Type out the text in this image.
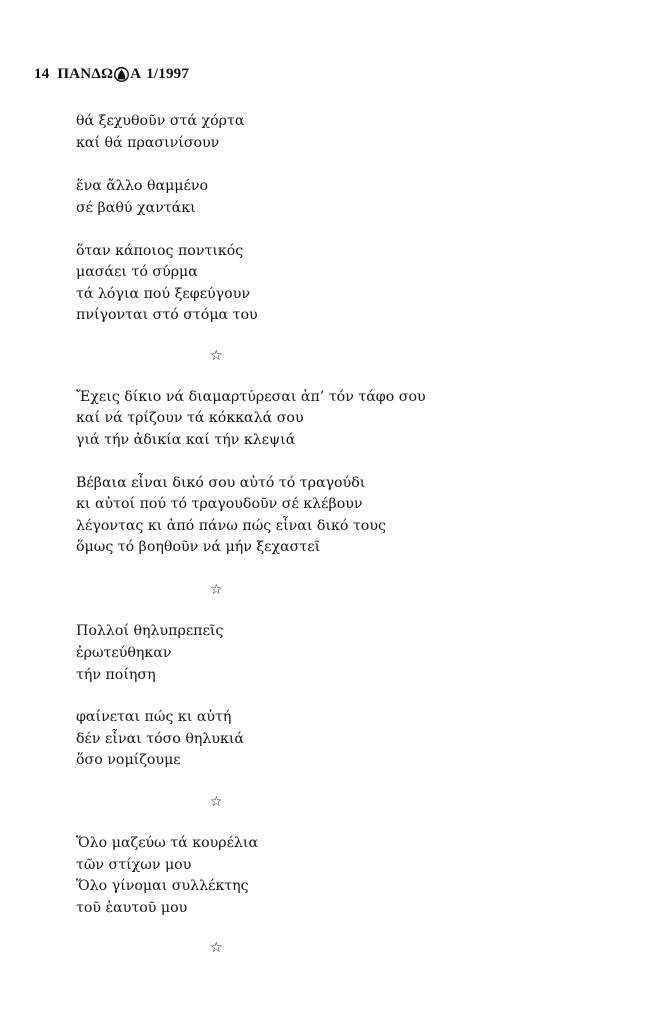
14 ΠΑΝΔΩ Α 1/1997
θά ξεχυθοῦν στά χόρτα
καί θά πρασινίσουν
ἕνα ἄλλο θαμμένο
σέ βαθύ χαντάκι
ὅταν κάποιος ποντικός
μασάει τό σύρμα
τά λόγια πού ξεφεύγουν
πνίγονται στό στόμα του
☆
Ἔχεις δίκιο νά διαμαρτύρεσαι ἀπ’ τόν τάφο σου
καί νά τρίζουν τά κόκκαλά σου
γιά τήν ἀδικία καί τήν κλεψιά
Βέβαια εἶναι δικό σου αὐτό τό τραγούδι
κι αὐτοί πού τό τραγουδοῦν σέ κλέβουν
λέγοντας κι ἀπό πάνω πώς εἶναι δικό τους
ὅμως τό βοηθοῦν νά μήν ξεχαστεῖ
☆
Πολλοί θηλυπρεπεῖς
ἐρωτεύθηκαν
τήν ποίηση
φαίνεται πώς κι αὐτή
δέν εἶναι τόσο θηλυκιά
ὅσο νομίζουμε
☆
Ὅλο μαζεύω τά κουρέλια
τῶν στίχων μου
Ὅλο γίνομαι συλλέκτης
τοῦ ἑαυτοῦ μου
☆
